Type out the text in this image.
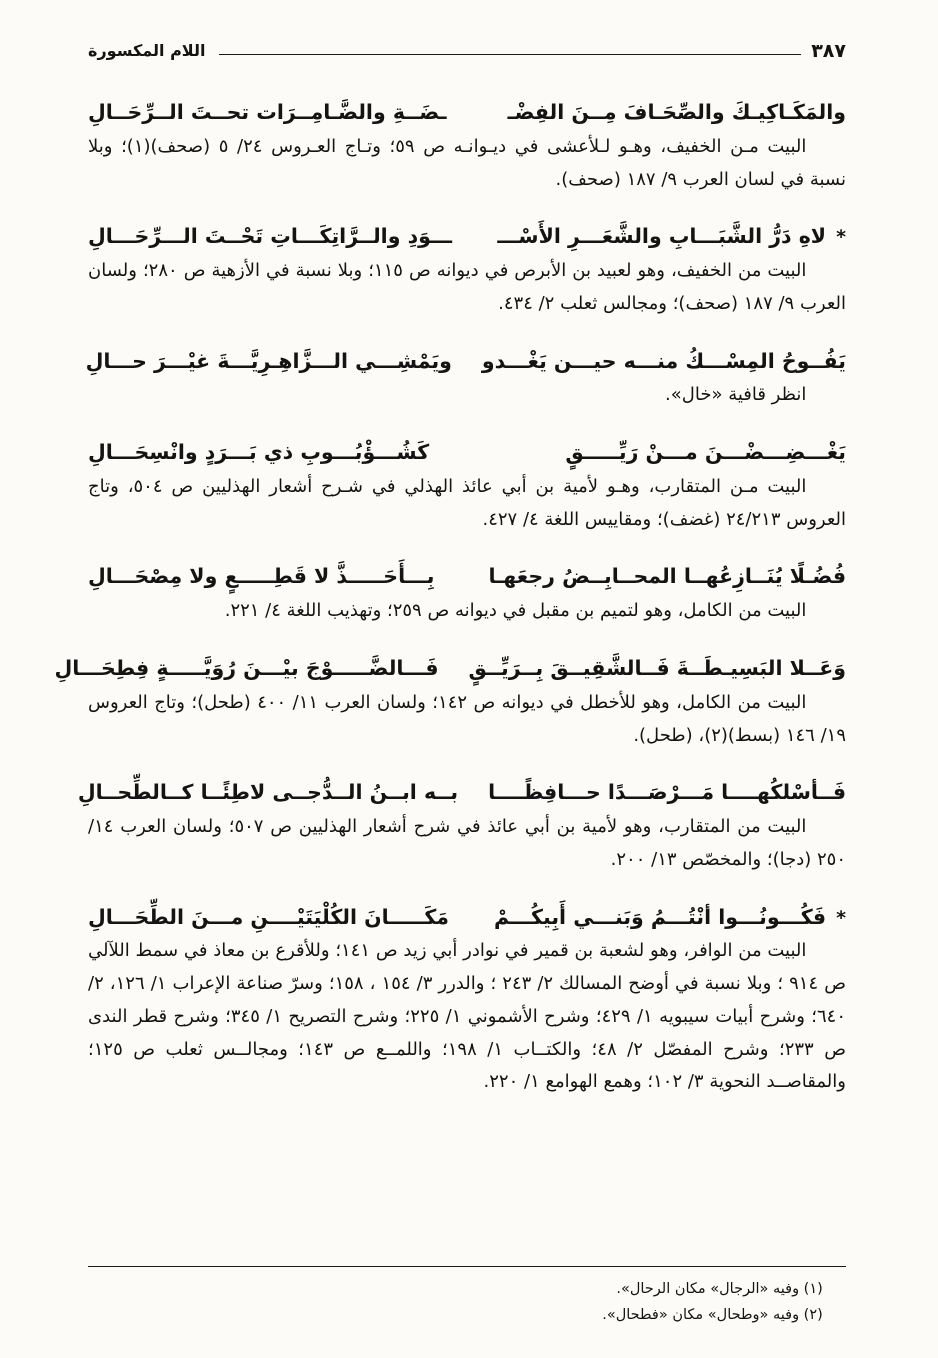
٣٨٧
اللام المكسورة
والمَكَـاكِيـكَ والصِّحَـافَ مِــنَ الفِضْـ
ـضَــةِ والضَّـامِــرَات تحــتَ الــرِّحَــالِ

البيت مـن الخفيف، وهـو لـلأعشى في ديـوانـه ص ٥٩؛ وتـاج العـروس ٢٤/ ٥ (صحف)(١)؛ وبلا نسبة في لسان العرب ٩/ ١٨٧ (صحف).

*
لاهِ دَرُّ الشَّبَـــابِ والشَّعَـــرِ الأَسْـــ
ـــوَدِ والــرَّاتِكَـــاتِ تَحْــتَ الـــرِّحَـــالِ

البيت من الخفيف، وهو لعبيد بن الأبرص في ديوانه ص ١١٥؛ وبلا نسبة في الأزهية ص ٢٨٠؛ ولسان العرب ٩/ ١٨٧ (صحف)؛ ومجالس ثعلب ٢/ ٤٣٤.

يَفُــوحُ المِسْـــكُ منـــه حيـــن يَغْـــدو
ويَمْشِـــي الـــزَّاهِـرِيَّـــةَ غيْـــرَ حـــالِ

انظر قافية «خال».

يَغْـــضِـــضْـــنَ مـــنْ رَيِّـــــقٍ
كَشُـــؤْبُـــوبِ ذي بَـــرَدٍ وانْسِحَـــالِ

البيت مـن المتقارب، وهـو لأمية بن أبي عائذ الهذلي في شـرح أشعار الهذليين ص ٥٠٤، وتاج العروس ٢٤/٢١٣ (غضف)؛ ومقاييس اللغة ٤/ ٤٢٧.

فُضُـلًا يُنَــازِعُهــا المحــابِــضُ رجعَهـا
بِـــأَحَـــــذَّ لا قَطِـــــعٍ ولا مِصْحَـــالِ

البيت من الكامل، وهو لتميم بن مقبل في ديوانه ص ٢٥٩؛ وتهذيب اللغة ٤/ ٢٢١.

وَعَــلا البَسِيـطَــةَ فَــالشَّقِيــقَ بِــرَيِّــقٍ
فَـــالضَّـــــوْجَ بيْـــنَ رُوَيَّـــــةٍ فِطِحَـــالِ

البيت من الكامل، وهو للأخطل في ديوانه ص ١٤٢؛ ولسان العرب ١١/ ٤٠٠ (طحل)؛ وتاج العروس ١٩/ ١٤٦ (بسط)(٢)، (طحل).

فَــأسْلكُهــــا مَـــرْصَـــدًا حـــافِظًــــا
بــه ابــنُ الــدُّجــى لاطِئًــا كــالطِّحــالِ

البيت من المتقارب، وهو لأمية بن أبي عائذ في شرح أشعار الهذليين ص ٥٠٧؛ ولسان العرب ١٤/ ٢٥٠ (دجا)؛ والمخصّص ١٣/ ٢٠٠.

*
فَكُـــونُـــوا أنْتُـــمُ وَبَنـــي أَبِيكُـــمْ
مَكَـــــانَ الكُلْيَتَيْــــنِ مـــنَ الطِّحَـــالِ

البيت من الوافر، وهو لشعبة بن قمير في نوادر أبي زيد ص ١٤١؛ وللأقرع بن معاذ في سمط اللآلي ص ٩١٤ ؛ وبلا نسبة في أوضح المسالك ٢/ ٢٤٣ ؛ والدرر ٣/ ١٥٤ ، ١٥٨؛ وسرّ صناعة الإعراب ١/ ١٢٦، ٢/ ٦٤٠؛ وشرح أبيات سيبويه ١/ ٤٢٩؛ وشرح الأشموني ١/ ٢٢٥؛ وشرح التصريح ١/ ٣٤٥؛ وشرح قطر الندى ص ٢٣٣؛ وشرح المفصّل ٢/ ٤٨؛ والكتــاب ١/ ١٩٨؛ واللمــع ص ١٤٣؛ ومجالــس ثعلب ص ١٢٥؛ والمقاصــد النحوية ٣/ ١٠٢؛ وهمع الهوامع ١/ ٢٢٠.

(١) وفيه «الرجال» مكان الرحال».
(٢) وفيه «وطحال» مكان «فطحال».
